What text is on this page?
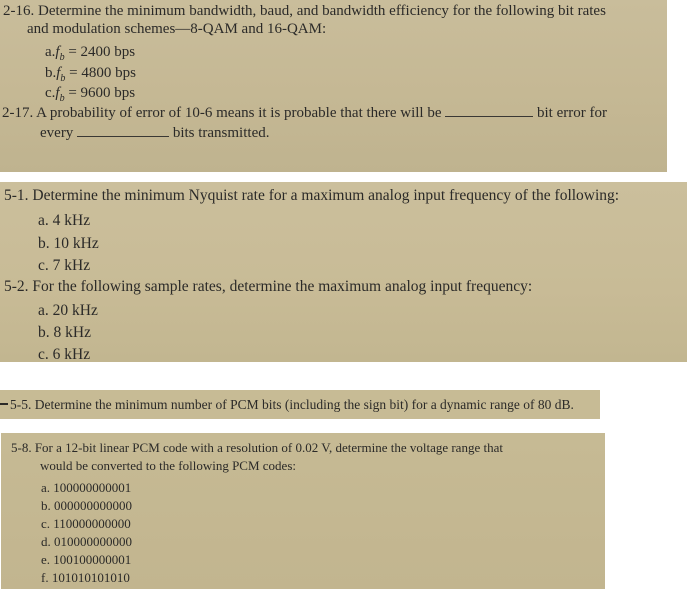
2-16. Determine the minimum bandwidth, baud, and bandwidth efficiency for the following bit rates
and modulation schemes—8-QAM and 16-QAM:
$a.f_b = 2400$ bps
$b.f_b = 4800$ bps
$c.f_b = 9600$ bps
2-17. A probability of error of 10-6 means it is probable that there will be	bit error for
every	bits transmitted.
5-1. Determine the minimum Nyquist rate for a maximum analog input frequency of the following:
a. 4 kHz
b. 10 kHz
c. 7 kHz
5-2. For the following sample rates, determine the maximum analog input frequency:
a. 20 kHz
b. 8 kHz
c. 6 kHz
5-5. Determine the minimum number of PCM bits (including the sign bit) for a dynamic range of 80 dB.
5-8. For a 12-bit linear PCM code with a resolution of 0.02 V, determine the voltage range that
would be converted to the following PCM codes:
a. 100000000001
b. 000000000000
c. 110000000000
d. 010000000000
e. 100100000001
f. 101010101010
